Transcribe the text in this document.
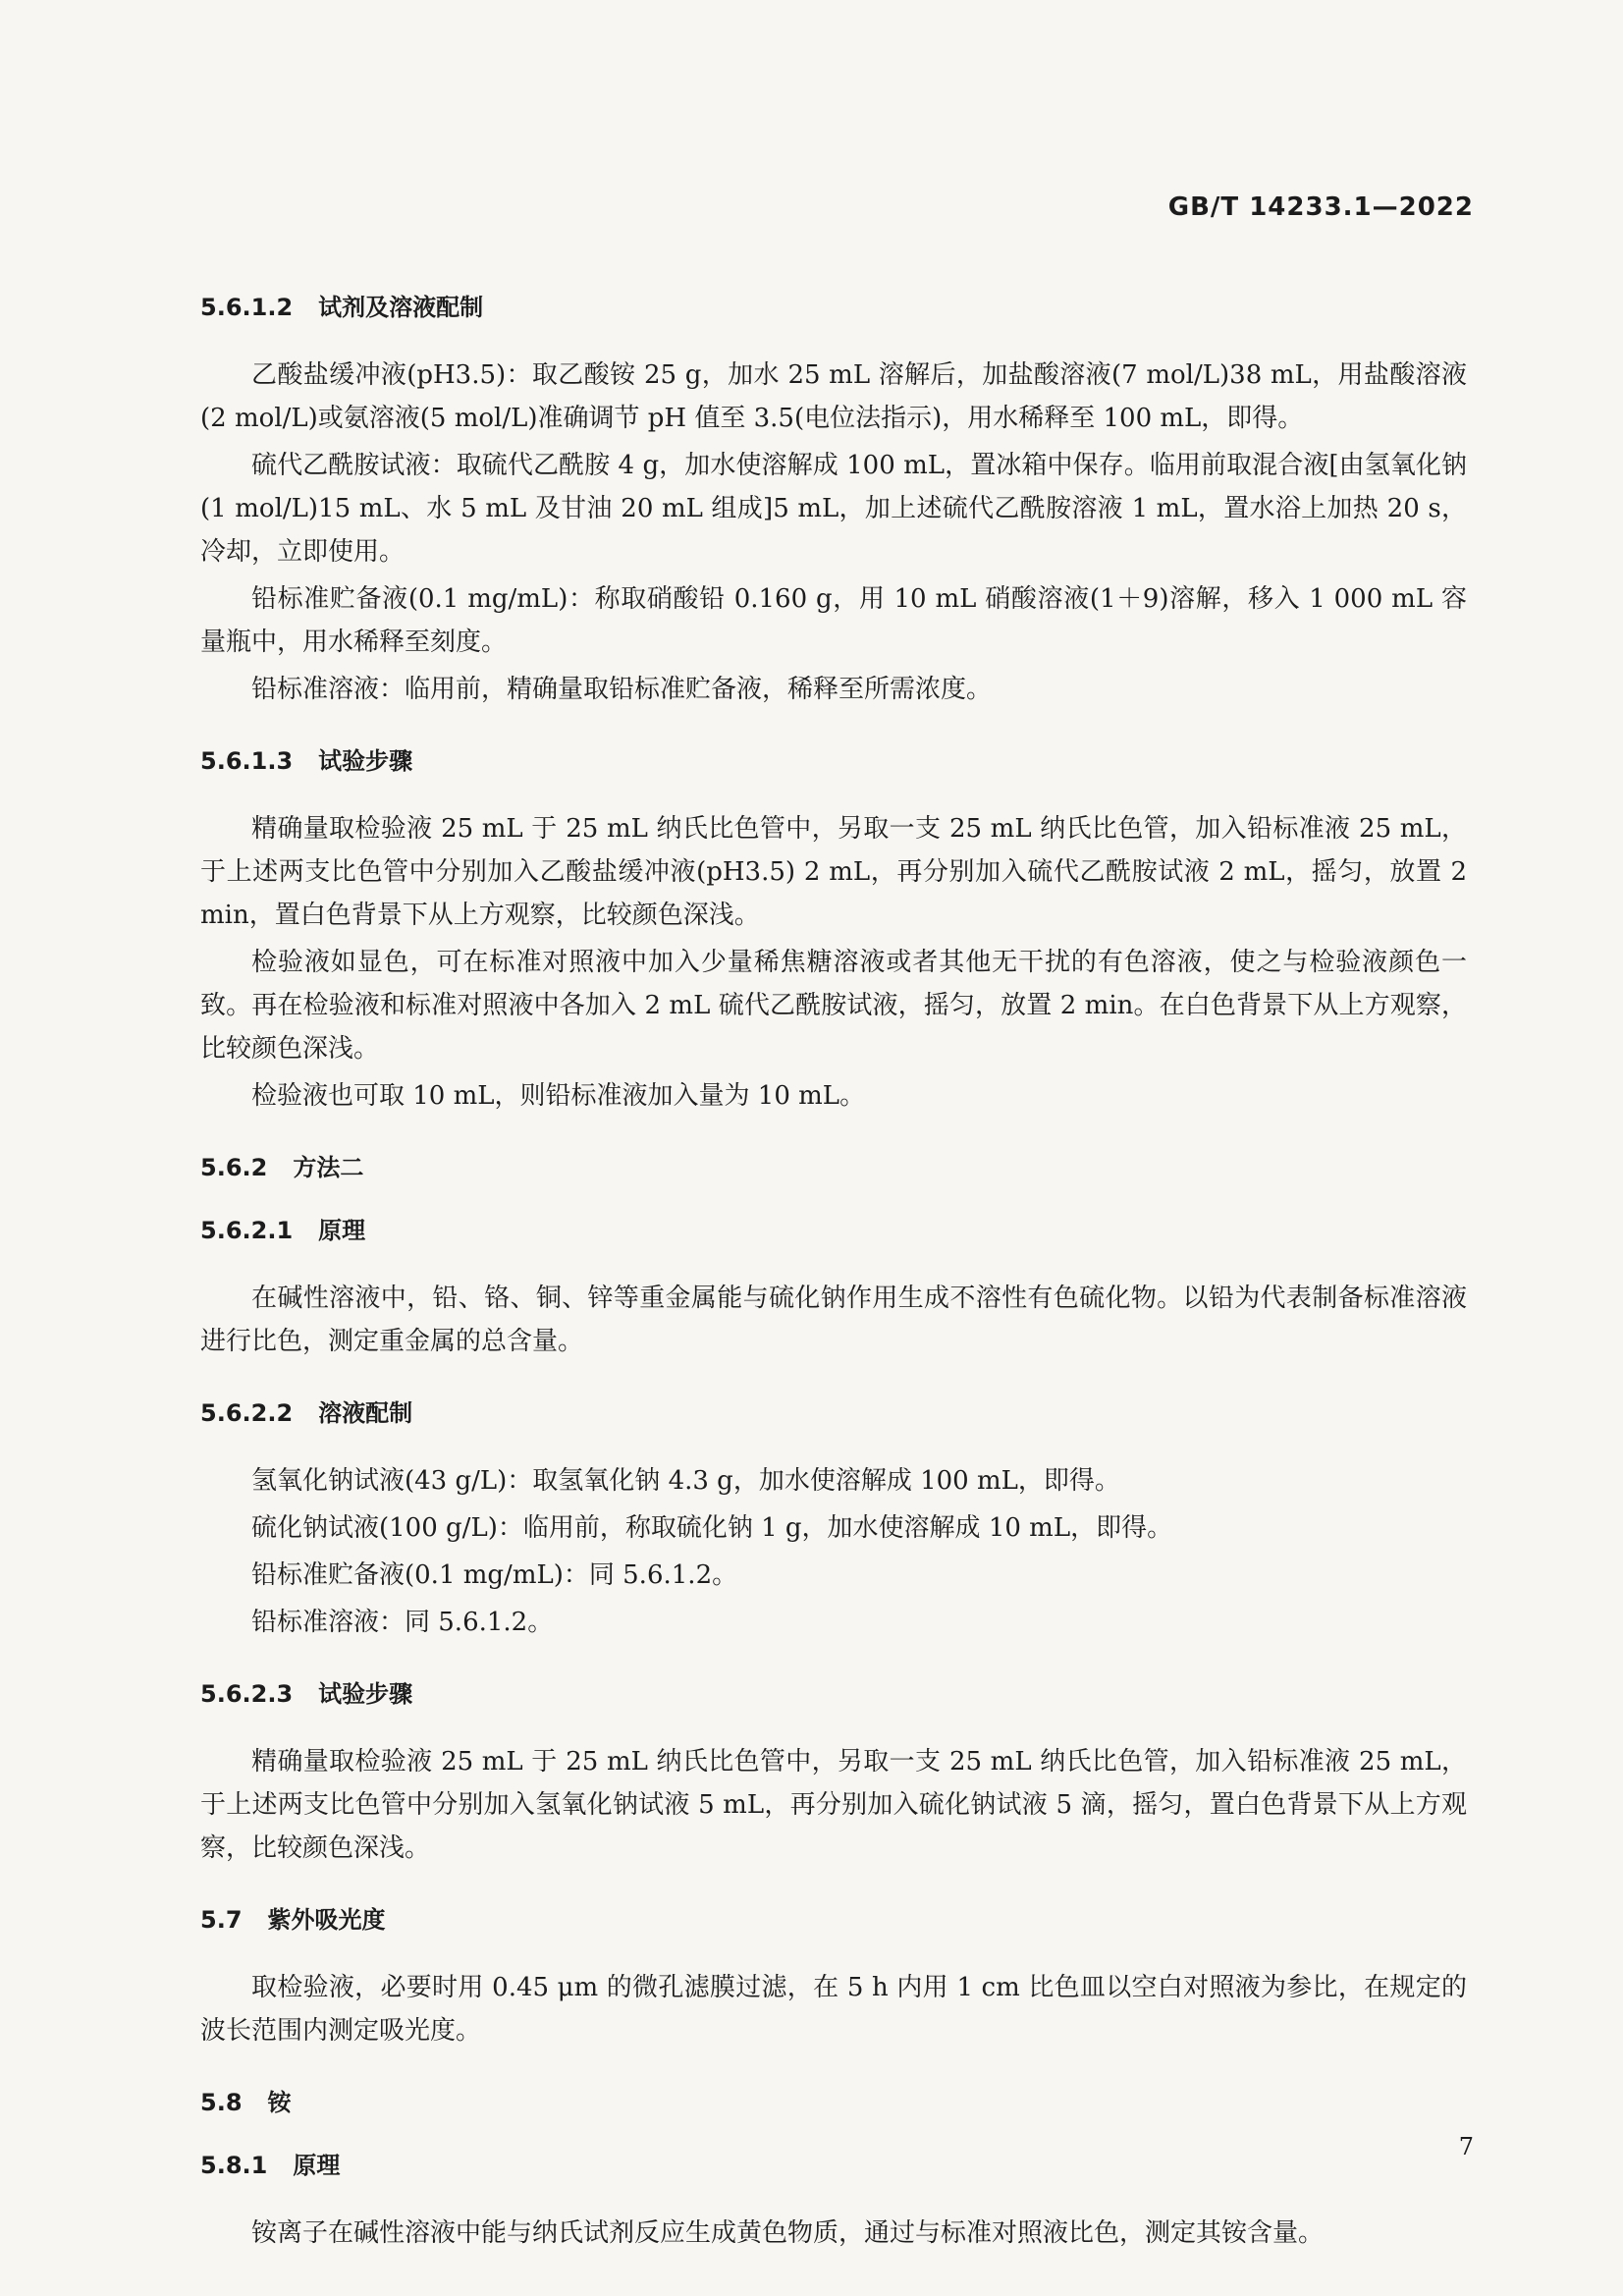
GB/T 14233.1—2022
5.6.1.2 试剂及溶液配制

乙酸盐缓冲液(pH3.5)：取乙酸铵 25 g，加水 25 mL 溶解后，加盐酸溶液(7 mol/L)38 mL，用盐酸溶液(2 mol/L)或氨溶液(5 mol/L)准确调节 pH 值至 3.5(电位法指示)，用水稀释至 100 mL，即得。

硫代乙酰胺试液：取硫代乙酰胺 4 g，加水使溶解成 100 mL，置冰箱中保存。临用前取混合液[由氢氧化钠(1 mol/L)15 mL、水 5 mL 及甘油 20 mL 组成]5 mL，加上述硫代乙酰胺溶液 1 mL，置水浴上加热 20 s，冷却，立即使用。

铅标准贮备液(0.1 mg/mL)：称取硝酸铅 0.160 g，用 10 mL 硝酸溶液(1＋9)溶解，移入 1 000 mL 容量瓶中，用水稀释至刻度。

铅标准溶液：临用前，精确量取铅标准贮备液，稀释至所需浓度。

5.6.1.3 试验步骤

精确量取检验液 25 mL 于 25 mL 纳氏比色管中，另取一支 25 mL 纳氏比色管，加入铅标准液 25 mL，于上述两支比色管中分别加入乙酸盐缓冲液(pH3.5) 2 mL，再分别加入硫代乙酰胺试液 2 mL，摇匀，放置 2 min，置白色背景下从上方观察，比较颜色深浅。

检验液如显色，可在标准对照液中加入少量稀焦糖溶液或者其他无干扰的有色溶液，使之与检验液颜色一致。再在检验液和标准对照液中各加入 2 mL 硫代乙酰胺试液，摇匀，放置 2 min。在白色背景下从上方观察，比较颜色深浅。

检验液也可取 10 mL，则铅标准液加入量为 10 mL。

5.6.2 方法二
5.6.2.1 原理

在碱性溶液中，铅、铬、铜、锌等重金属能与硫化钠作用生成不溶性有色硫化物。以铅为代表制备标准溶液进行比色，测定重金属的总含量。

5.6.2.2 溶液配制

氢氧化钠试液(43 g/L)：取氢氧化钠 4.3 g，加水使溶解成 100 mL，即得。

硫化钠试液(100 g/L)：临用前，称取硫化钠 1 g，加水使溶解成 10 mL，即得。

铅标准贮备液(0.1 mg/mL)：同 5.6.1.2。

铅标准溶液：同 5.6.1.2。

5.6.2.3 试验步骤

精确量取检验液 25 mL 于 25 mL 纳氏比色管中，另取一支 25 mL 纳氏比色管，加入铅标准液 25 mL，于上述两支比色管中分别加入氢氧化钠试液 5 mL，再分别加入硫化钠试液 5 滴，摇匀，置白色背景下从上方观察，比较颜色深浅。

5.7 紫外吸光度

取检验液，必要时用 0.45 μm 的微孔滤膜过滤，在 5 h 内用 1 cm 比色皿以空白对照液为参比，在规定的波长范围内测定吸光度。

5.8 铵
5.8.1 原理

铵离子在碱性溶液中能与纳氏试剂反应生成黄色物质，通过与标准对照液比色，测定其铵含量。

7
